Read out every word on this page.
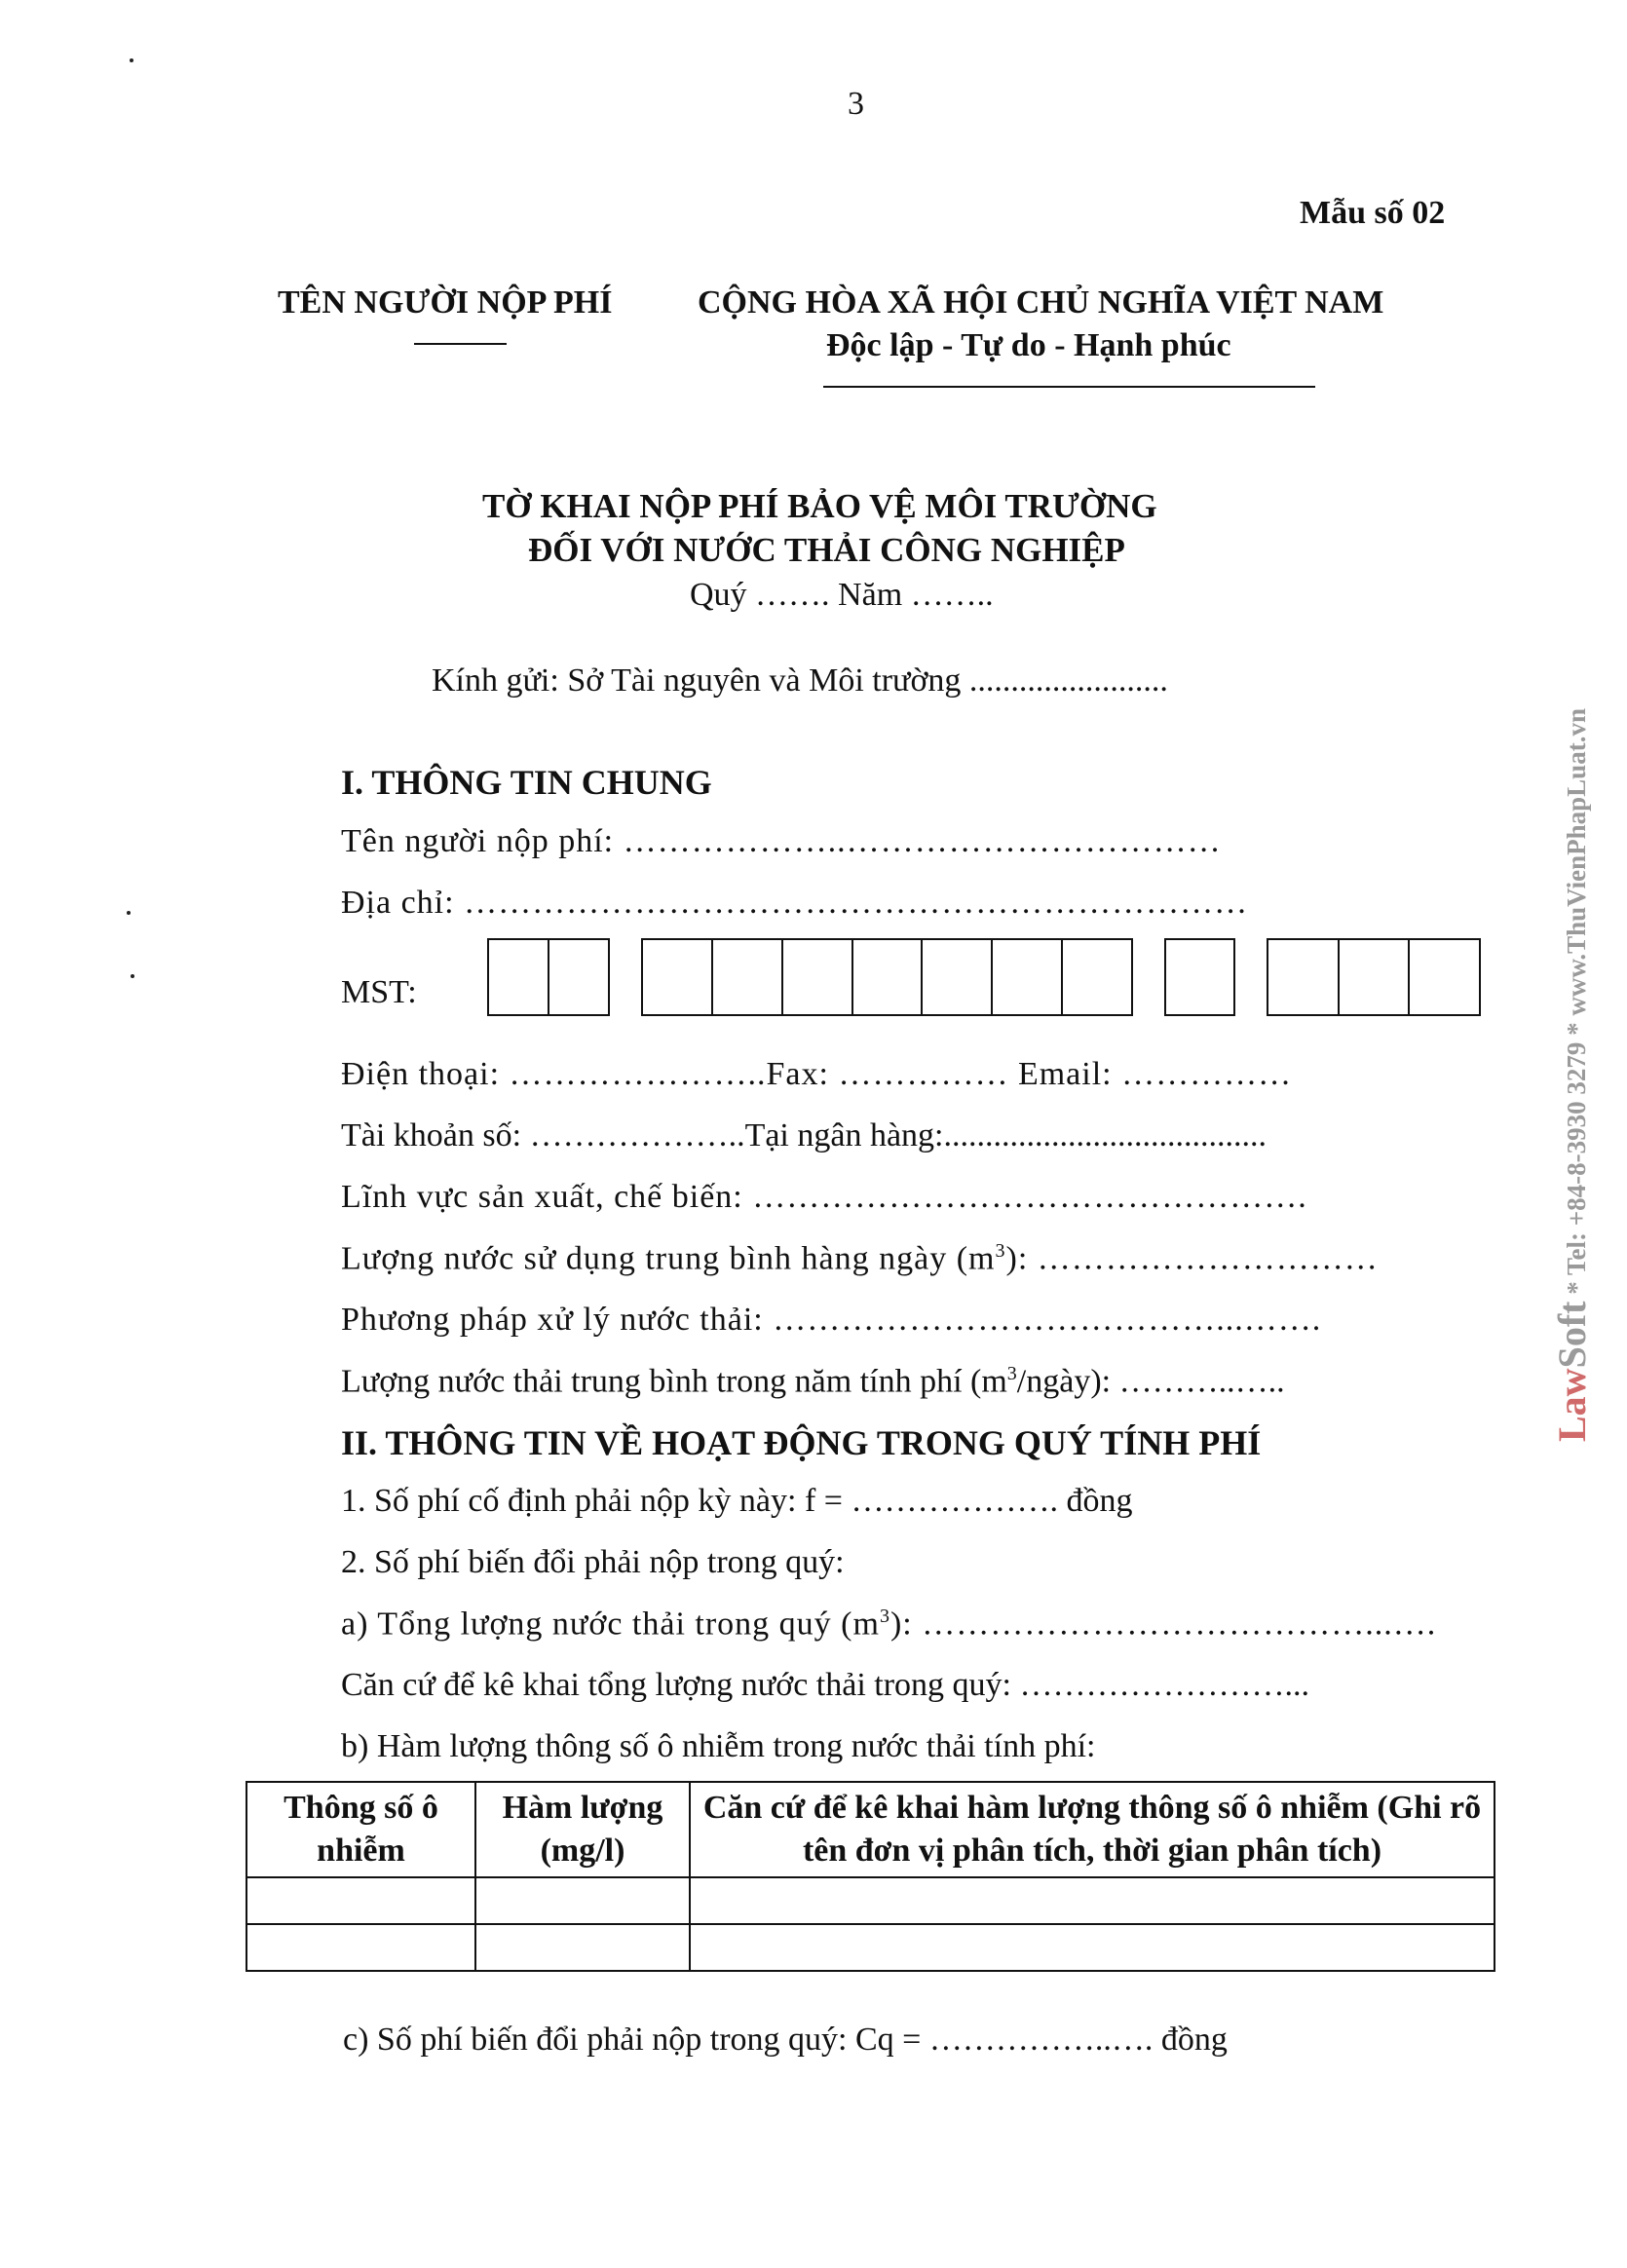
3
Mẫu số 02
TÊN NGƯỜI NỘP PHÍ	CỘNG HÒA XÃ HỘI CHỦ NGHĨA VIỆT NAM
Độc lập - Tự do - Hạnh phúc
TỜ KHAI NỘP PHÍ BẢO VỆ MÔI TRƯỜNG
ĐỐI VỚI NƯỚC THẢI CÔNG NGHIỆP
Quý ……. Năm ……..
Kính gửi: Sở Tài nguyên và Môi trường ........................
I. THÔNG TIN CHUNG
Tên người nộp phí: ………………..……………………………
Địa chỉ: ……………………………………………………………
MST:
Điện thoại: …………………..Fax: …………… Email: ……………
Tài khoản số: ………………..Tại ngân hàng:.......................................
Lĩnh vực sản xuất, chế biến: ………………………………………….
Lượng nước sử dụng trung bình hàng ngày $(m^3)$: …………………………
Phương pháp xử lý nước thải: …………………………………...…….
Lượng nước thải trung bình trong năm tính phí $(m^3/ngày)$: ………..…..
II. THÔNG TIN VỀ HOẠT ĐỘNG TRONG QUÝ TÍNH PHÍ
1. Số phí cố định phải nộp kỳ này: f = ………………. đồng
2. Số phí biến đổi phải nộp trong quý:
a) Tổng lượng nước thải trong quý $(m^3)$: …………………………………...….
Căn cứ để kê khai tổng lượng nước thải trong quý: ……………………...
b) Hàm lượng thông số ô nhiễm trong nước thải tính phí:
Thông số ô nhiễm	Hàm lượng (mg/l)	Căn cứ để kê khai hàm lượng thông số ô nhiễm (Ghi rõ tên đơn vị phân tích, thời gian phân tích)

c) Số phí biến đổi phải nộp trong quý: Cq = ……………..…. đồng
LawSoft * Tel: +84-8-3930 3279 * www.ThuVienPhapLuat.vn
